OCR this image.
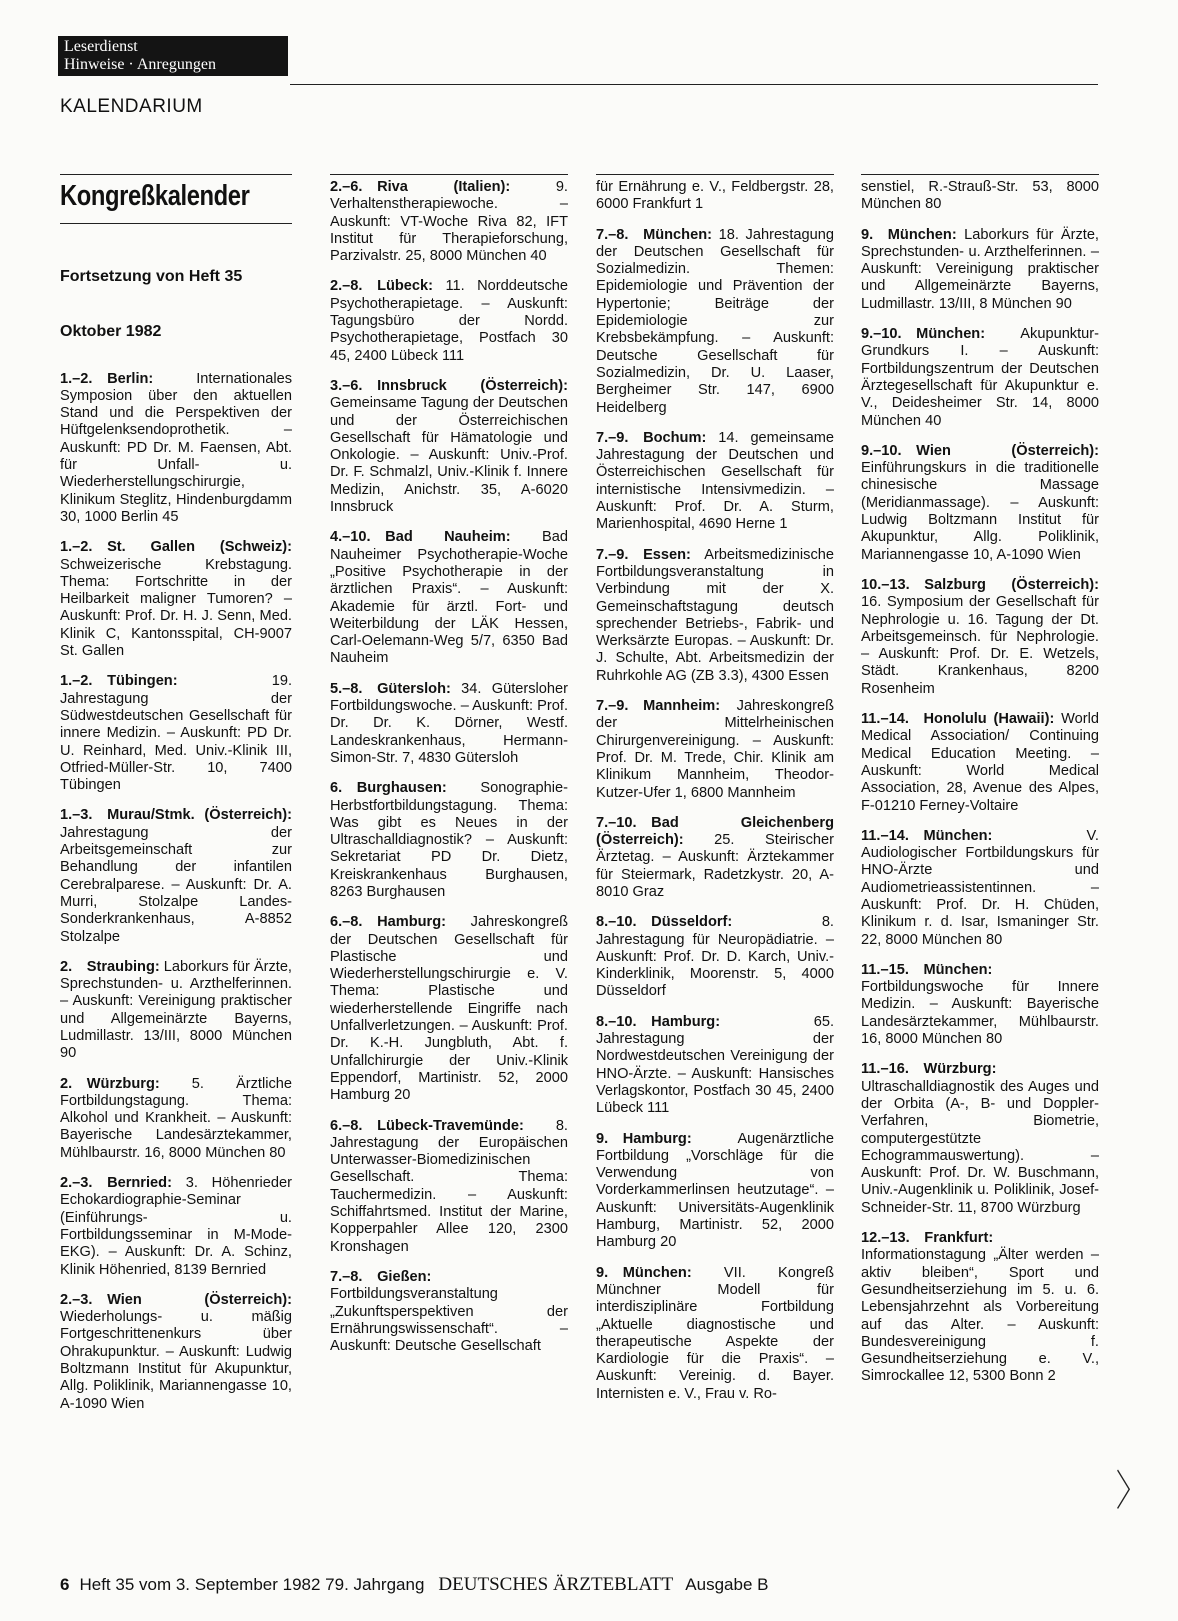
Leserdienst
Hinweise · Anregungen
KALENDARIUM
Kongreßkalender
Fortsetzung von Heft 35
Oktober 1982

1.–2.  Berlin: Internationales Symposion über den aktuellen Stand und die Perspektiven der Hüftgelenksendoprothetik. – Auskunft: PD Dr. M. Faensen, Abt. für Unfall- u. Wiederherstellungschirurgie, Klinikum Steglitz, Hindenburgdamm 30, 1000 Berlin 45

1.–2.  St. Gallen (Schweiz): Schweizerische Krebstagung. Thema: Fortschritte in der Heilbarkeit maligner Tumoren? – Auskunft: Prof. Dr. H. J. Senn, Med. Klinik C, Kantonsspital, CH-9007 St. Gallen

1.–2.  Tübingen: 19. Jahrestagung der Südwestdeutschen Gesellschaft für innere Medizin. – Auskunft: PD Dr. U. Reinhard, Med. Univ.-Klinik III, Otfried-Müller-Str. 10, 7400 Tübingen

1.–3.  Murau/Stmk. (Österreich): Jahrestagung der Arbeitsgemeinschaft zur Behandlung der infantilen Cerebralparese. – Auskunft: Dr. A. Murri, Stolzalpe Landes-Sonderkrankenhaus, A-8852 Stolzalpe

2.  Straubing: Laborkurs für Ärzte, Sprechstunden- u. Arzthelferinnen. – Auskunft: Vereinigung praktischer und Allgemeinärzte Bayerns, Ludmillastr. 13/III, 8000 München 90

2.  Würzburg: 5. Ärztliche Fortbildungstagung. Thema: Alkohol und Krankheit. – Auskunft: Bayerische Landesärztekammer, Mühlbaurstr. 16, 8000 München 80

2.–3.  Bernried: 3. Höhenrieder Echokardiographie-Seminar (Einführungs- u. Fortbildungsseminar in M-Mode-EKG). – Auskunft: Dr. A. Schinz, Klinik Höhenried, 8139 Bernried

2.–3.  Wien (Österreich): Wiederholungs- u. mäßig Fortgeschrittenenkurs über Ohrakupunktur. – Auskunft: Ludwig Boltzmann Institut für Akupunktur, Allg. Poliklinik, Mariannengasse 10, A-1090 Wien

2.–6.  Riva (Italien): 9. Verhaltenstherapiewoche. – Auskunft: VT-Woche Riva 82, IFT Institut für Therapieforschung, Parzivalstr. 25, 8000 München 40

2.–8.  Lübeck: 11. Norddeutsche Psychotherapietage. – Auskunft: Tagungsbüro der Nordd. Psychotherapietage, Postfach 30 45, 2400 Lübeck 111

3.–6.  Innsbruck (Österreich): Gemeinsame Tagung der Deutschen und der Österreichischen Gesellschaft für Hämatologie und Onkologie. – Auskunft: Univ.-Prof. Dr. F. Schmalzl, Univ.-Klinik f. Innere Medizin, Anichstr. 35, A-6020 Innsbruck

4.–10.  Bad Nauheim: Bad Nauheimer Psychotherapie-Woche „Positive Psychotherapie in der ärztlichen Praxis“. – Auskunft: Akademie für ärztl. Fort- und Weiterbildung der LÄK Hessen, Carl-Oelemann-Weg 5/7, 6350 Bad Nauheim

5.–8.  Gütersloh: 34. Gütersloher Fortbildungswoche. – Auskunft: Prof. Dr. Dr. K. Dörner, Westf. Landeskrankenhaus, Hermann-Simon-Str. 7, 4830 Gütersloh

6.  Burghausen: Sonographie-Herbstfortbildungstagung. Thema: Was gibt es Neues in der Ultraschalldiagnostik? – Auskunft: Sekretariat PD Dr. Dietz, Kreiskrankenhaus Burghausen, 8263 Burghausen

6.–8.  Hamburg: Jahreskongreß der Deutschen Gesellschaft für Plastische und Wiederherstellungschirurgie e. V. Thema: Plastische und wiederherstellende Eingriffe nach Unfallverletzungen. – Auskunft: Prof. Dr. K.-H. Jungbluth, Abt. f. Unfallchirurgie der Univ.-Klinik Eppendorf, Martinistr. 52, 2000 Hamburg 20

6.–8.  Lübeck-Travemünde: 8. Jahrestagung der Europäischen Unterwasser-Biomedizinischen Gesellschaft. Thema: Tauchermedizin. – Auskunft: Schiffahrtsmed. Institut der Marine, Kopperpahler Allee 120, 2300 Kronshagen

7.–8.  Gießen: Fortbildungsveranstaltung „Zukunftsperspektiven der Ernährungswissenschaft“. – Auskunft: Deutsche Gesellschaft

für Ernährung e. V., Feldbergstr. 28, 6000 Frankfurt 1

7.–8.  München: 18. Jahrestagung der Deutschen Gesellschaft für Sozialmedizin. Themen: Epidemiologie und Prävention der Hypertonie; Beiträge der Epidemiologie zur Krebsbekämpfung. – Auskunft: Deutsche Gesellschaft für Sozialmedizin, Dr. U. Laaser, Bergheimer Str. 147, 6900 Heidelberg

7.–9.  Bochum: 14. gemeinsame Jahrestagung der Deutschen und Österreichischen Gesellschaft für internistische Intensivmedizin. – Auskunft: Prof. Dr. A. Sturm, Marienhospital, 4690 Herne 1

7.–9.  Essen: Arbeitsmedizinische Fortbildungsveranstaltung in Verbindung mit der X. Gemeinschaftstagung deutsch sprechender Betriebs-, Fabrik- und Werksärzte Europas. – Auskunft: Dr. J. Schulte, Abt. Arbeitsmedizin der Ruhrkohle AG (ZB 3.3), 4300 Essen

7.–9.  Mannheim: Jahreskongreß der Mittelrheinischen Chirurgenvereinigung. – Auskunft: Prof. Dr. M. Trede, Chir. Klinik am Klinikum Mannheim, Theodor-Kutzer-Ufer 1, 6800 Mannheim

7.–10.  Bad Gleichenberg (Österreich): 25. Steirischer Ärztetag. – Auskunft: Ärztekammer für Steiermark, Radetzkystr. 20, A-8010 Graz

8.–10.  Düsseldorf: 8. Jahrestagung für Neuropädiatrie. – Auskunft: Prof. Dr. D. Karch, Univ.-Kinderklinik, Moorenstr. 5, 4000 Düsseldorf

8.–10.  Hamburg: 65. Jahrestagung der Nordwestdeutschen Vereinigung der HNO-Ärzte. – Auskunft: Hansisches Verlagskontor, Postfach 30 45, 2400 Lübeck 111

9.  Hamburg: Augenärztliche Fortbildung „Vorschläge für die Verwendung von Vorderkammerlinsen heutzutage“. – Auskunft: Universitäts-Augenklinik Hamburg, Martinistr. 52, 2000 Hamburg 20

9.  München: VII. Kongreß Münchner Modell für interdisziplinäre Fortbildung „Aktuelle diagnostische und therapeutische Aspekte der Kardiologie für die Praxis“. – Auskunft: Vereinig. d. Bayer. Internisten e. V., Frau v. Ro-

senstiel, R.-Strauß-Str. 53, 8000 München 80

9.  München: Laborkurs für Ärzte, Sprechstunden- u. Arzthelferinnen. – Auskunft: Vereinigung praktischer und Allgemeinärzte Bayerns, Ludmillastr. 13/III, 8 München 90

9.–10.  München: Akupunktur-Grundkurs I. – Auskunft: Fortbildungszentrum der Deutschen Ärztegesellschaft für Akupunktur e. V., Deidesheimer Str. 14, 8000 München 40

9.–10.  Wien (Österreich): Einführungskurs in die traditionelle chinesische Massage (Meridianmassage). – Auskunft: Ludwig Boltzmann Institut für Akupunktur, Allg. Poliklinik, Mariannengasse 10, A-1090 Wien

10.–13.  Salzburg (Österreich): 16. Symposium der Gesellschaft für Nephrologie u. 16. Tagung der Dt. Arbeitsgemeinsch. für Nephrologie. – Auskunft: Prof. Dr. E. Wetzels, Städt. Krankenhaus, 8200 Rosenheim

11.–14.  Honolulu (Hawaii): World Medical Association/ Continuing Medical Education Meeting. – Auskunft: World Medical Association, 28, Avenue des Alpes, F-01210 Ferney-Voltaire

11.–14.  München: V. Audiologischer Fortbildungskurs für HNO-Ärzte und Audiometrieassistentinnen. – Auskunft: Prof. Dr. H. Chüden, Klinikum r. d. Isar, Ismaninger Str. 22, 8000 München 80

11.–15.  München: Fortbildungswoche für Innere Medizin. – Auskunft: Bayerische Landesärztekammer, Mühlbaurstr. 16, 8000 München 80

11.–16.  Würzburg: Ultraschalldiagnostik des Auges und der Orbita (A-, B- und Doppler-Verfahren, Biometrie, computergestützte Echogrammauswertung). – Auskunft: Prof. Dr. W. Buschmann, Univ.-Augenklinik u. Poliklinik, Josef-Schneider-Str. 11, 8700 Würzburg

12.–13.  Frankfurt: Informationstagung „Älter werden – aktiv bleiben“, Sport und Gesundheitserziehung im 5. u. 6. Lebensjahrzehnt als Vorbereitung auf das Alter. – Auskunft: Bundesvereinigung f. Gesundheitserziehung e. V., Simrockallee 12, 5300 Bonn 2

〉
6 Heft 35 vom 3. September 1982 79. Jahrgang DEUTSCHES ÄRZTEBLATT Ausgabe B
